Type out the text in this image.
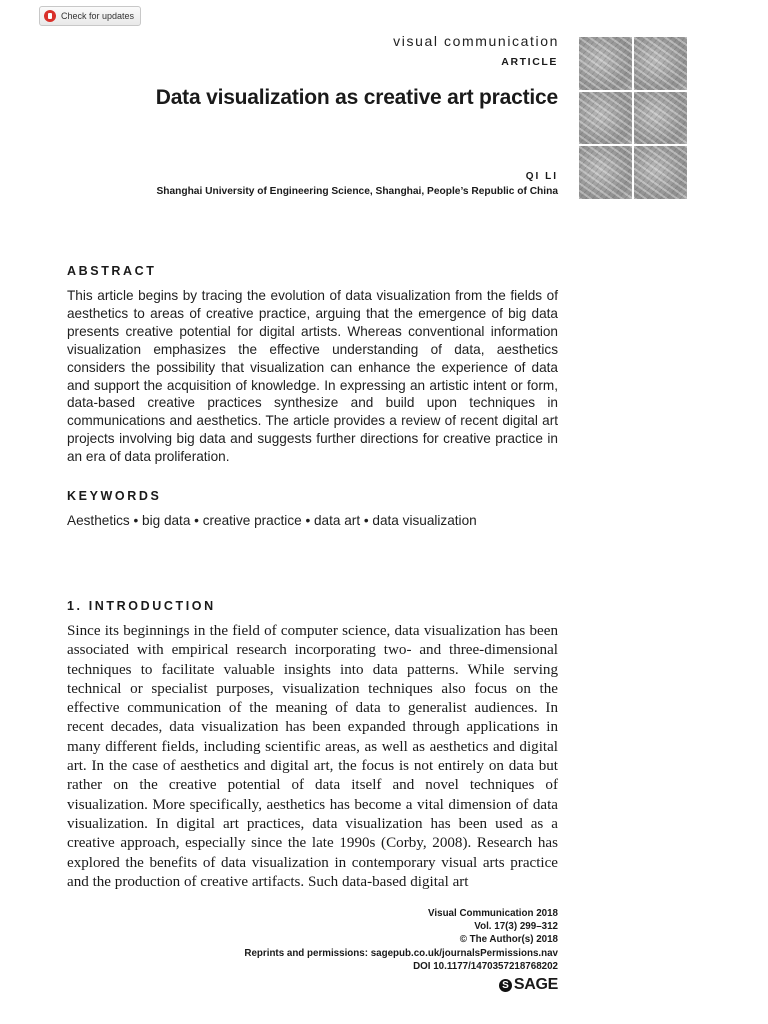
Check for updates
visual communication
ARTICLE
Data visualization as creative art practice
QI LI
Shanghai University of Engineering Science, Shanghai, People’s Republic of China
ABSTRACT

This article begins by tracing the evolution of data visualization from the fields of aesthetics to areas of creative practice, arguing that the emergence of big data presents creative potential for digital artists. Whereas conventional information visualization emphasizes the effective understanding of data, aesthetics considers the possibility that visualization can enhance the experience of data and support the acquisition of knowledge. In expressing an artistic intent or form, data-based creative practices synthesize and build upon techniques in communications and aesthetics. The article provides a review of recent digital art projects involving big data and suggests further directions for creative practice in an era of data proliferation.

KEYWORDS

Aesthetics • big data • creative practice • data art • data visualization

1. INTRODUCTION

Since its beginnings in the field of computer science, data visualization has been associated with empirical research incorporating two- and three-dimensional techniques to facilitate valuable insights into data patterns. While serving technical or specialist purposes, visualization techniques also focus on the effective communication of the meaning of data to generalist audiences. In recent decades, data visualization has been expanded through applications in many different fields, including scientific areas, as well as aesthetics and digital art. In the case of aesthetics and digital art, the focus is not entirely on data but rather on the creative potential of data itself and novel techniques of visualization. More specifically, aesthetics has become a vital dimension of data visualization. In digital art practices, data visualization has been used as a creative approach, especially since the late 1990s (Corby, 2008). Research has explored the benefits of data visualization in contemporary visual arts practice and the production of creative artifacts. Such data-based digital art

Visual Communication 2018
Vol. 17(3) 299–312
© The Author(s) 2018
Reprints and permissions: sagepub.co.uk/journalsPermissions.nav
DOI 10.1177/1470357218768202
S SAGE
